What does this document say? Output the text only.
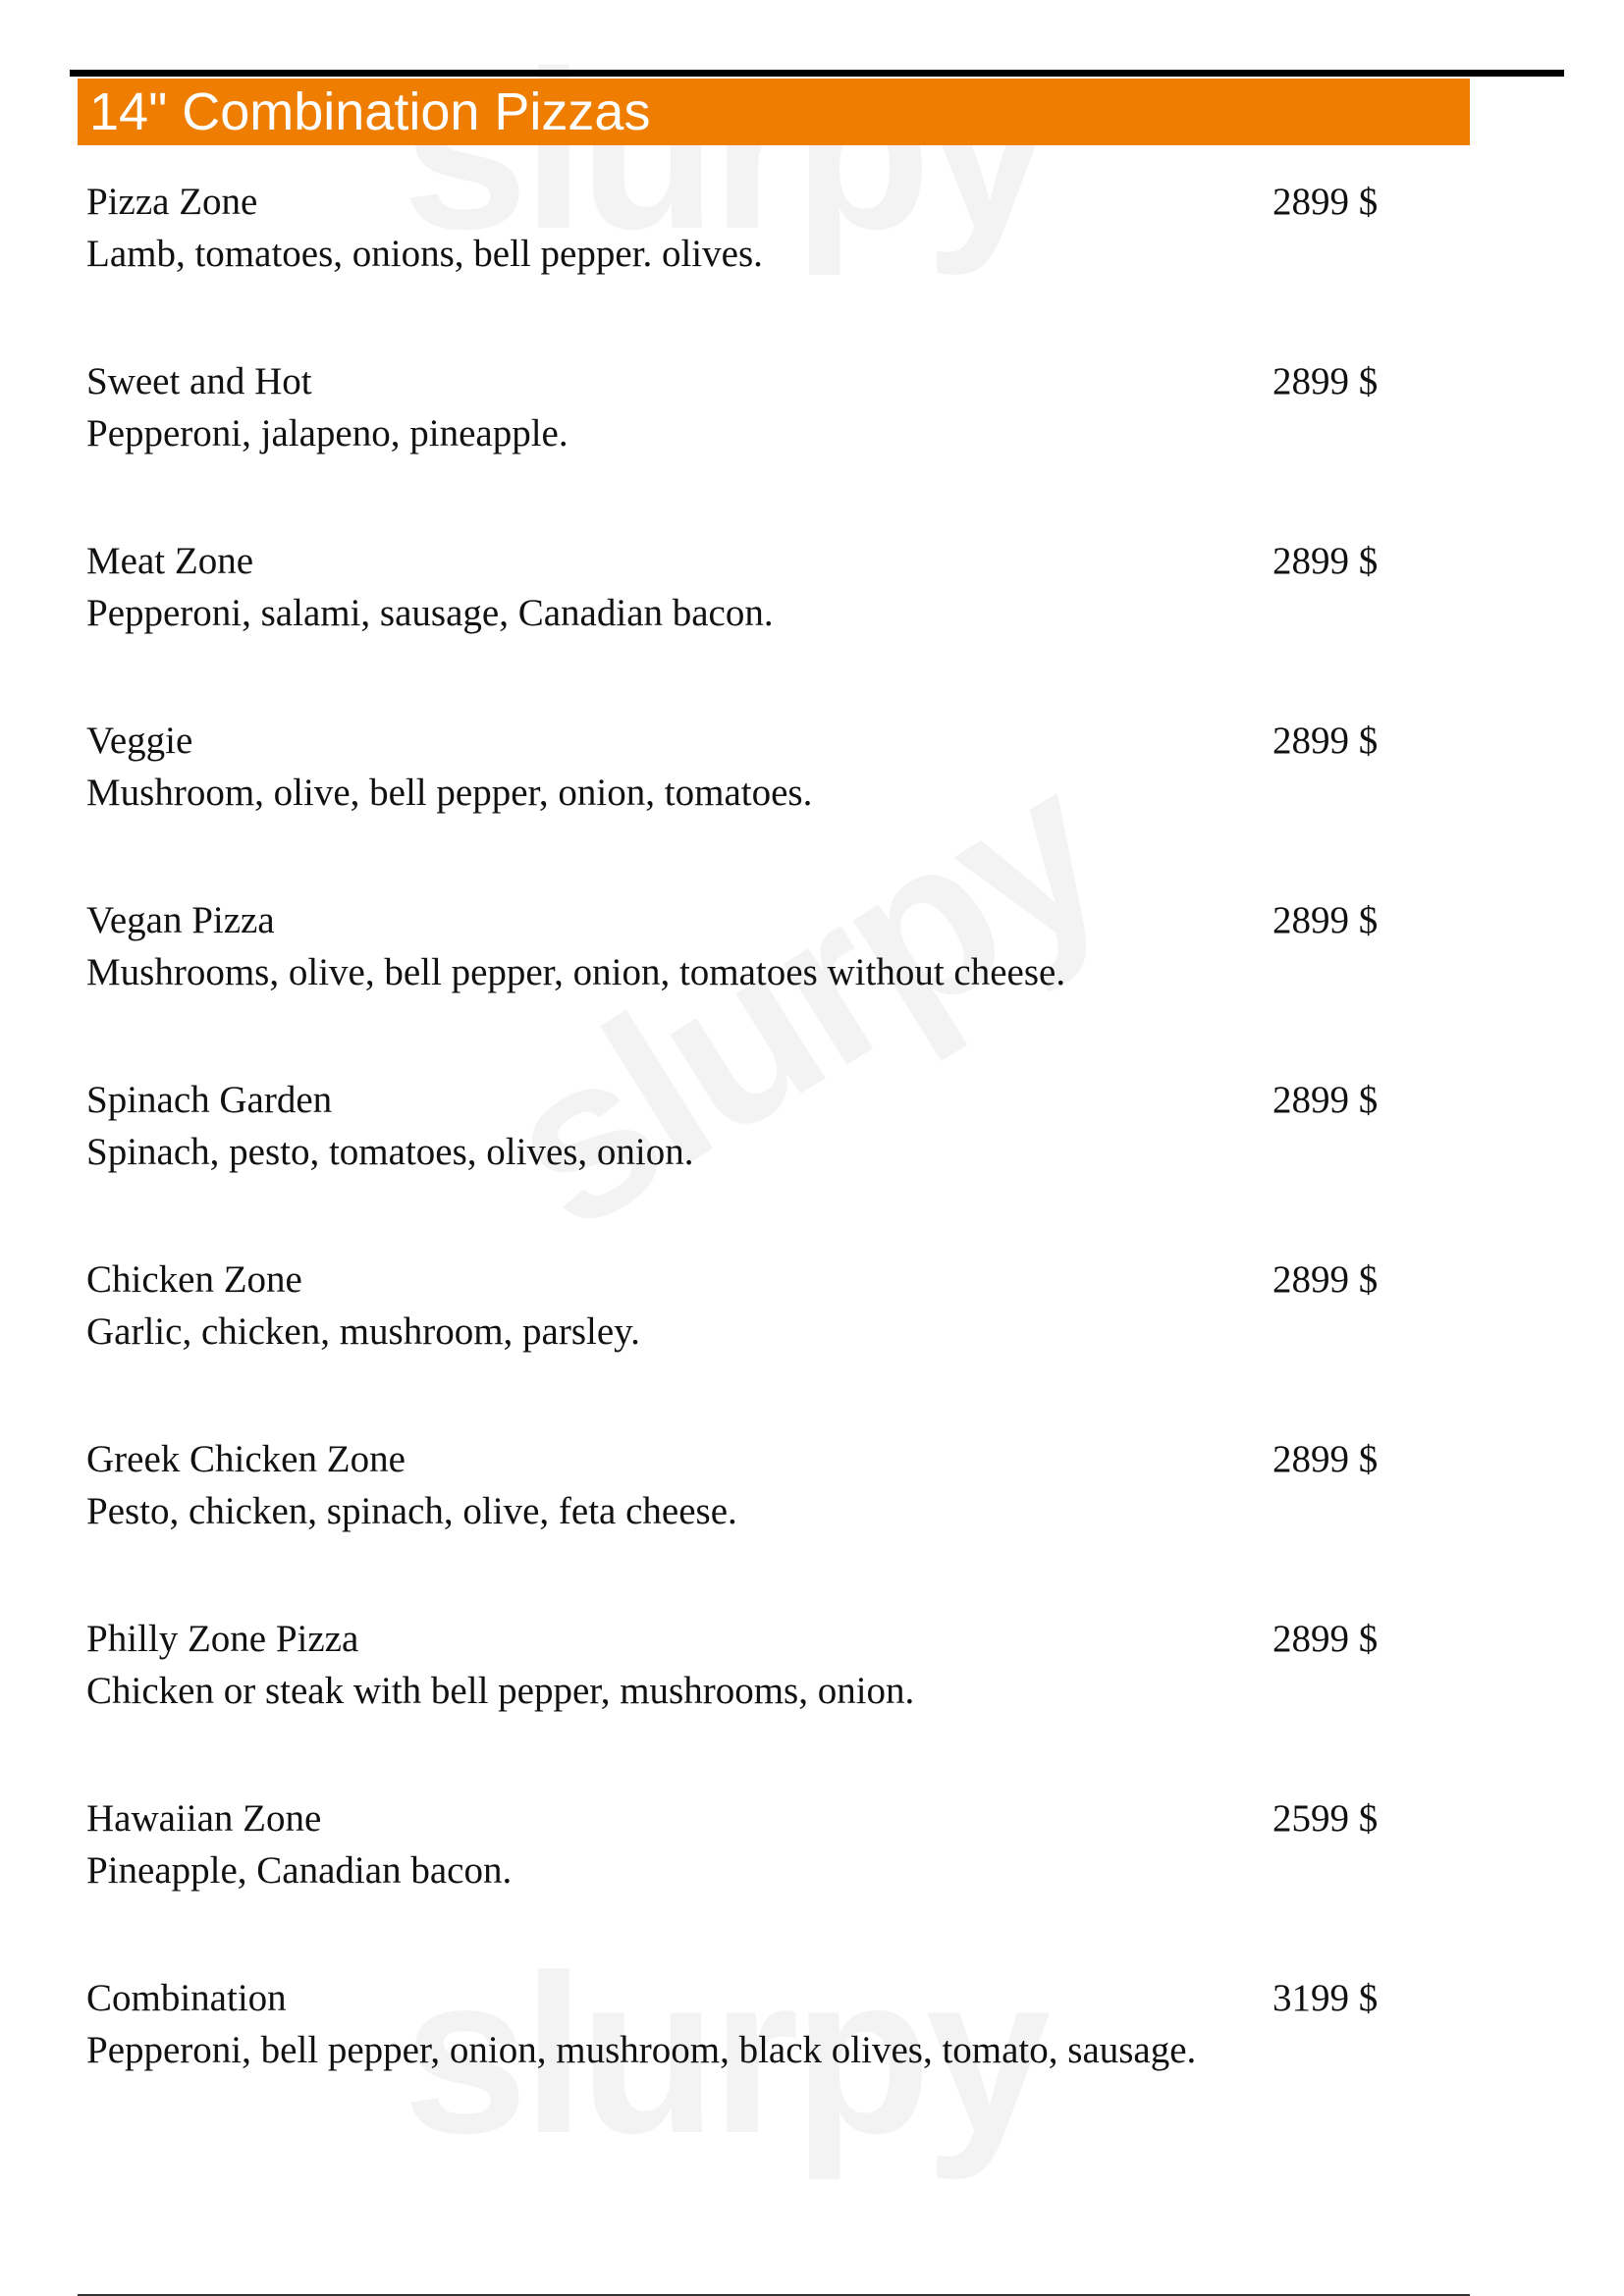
14" Combination Pizzas
Pizza Zone
Lamb, tomatoes, onions, bell pepper. olives.
2899 $
Sweet and Hot
Pepperoni, jalapeno, pineapple.
2899 $
Meat Zone
Pepperoni, salami, sausage, Canadian bacon.
2899 $
Veggie
Mushroom, olive, bell pepper, onion, tomatoes.
2899 $
Vegan Pizza
Mushrooms, olive, bell pepper, onion, tomatoes without cheese.
2899 $
Spinach Garden
Spinach, pesto, tomatoes, olives, onion.
2899 $
Chicken Zone
Garlic, chicken, mushroom, parsley.
2899 $
Greek Chicken Zone
Pesto, chicken, spinach, olive, feta cheese.
2899 $
Philly Zone Pizza
Chicken or steak with bell pepper, mushrooms, onion.
2899 $
Hawaiian Zone
Pineapple, Canadian bacon.
2599 $
Combination
Pepperoni, bell pepper, onion, mushroom, black olives, tomato, sausage.
3199 $
